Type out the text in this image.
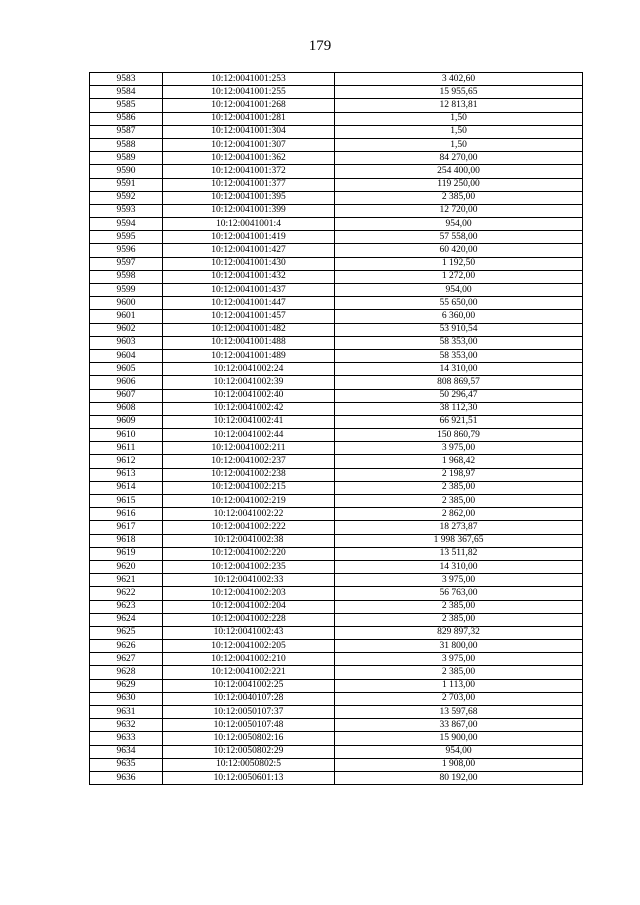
179
9583	10:12:0041001:253	3 402,60
9584	10:12:0041001:255	15 955,65
9585	10:12:0041001:268	12 813,81
9586	10:12:0041001:281	1,50
9587	10:12:0041001:304	1,50
9588	10:12:0041001:307	1,50
9589	10:12:0041001:362	84 270,00
9590	10:12:0041001:372	254 400,00
9591	10:12:0041001:377	119 250,00
9592	10:12:0041001:395	2 385,00
9593	10:12:0041001:399	12 720,00
9594	10:12:0041001:4	954,00
9595	10:12:0041001:419	57 558,00
9596	10:12:0041001:427	60 420,00
9597	10:12:0041001:430	1 192,50
9598	10:12:0041001:432	1 272,00
9599	10:12:0041001:437	954,00
9600	10:12:0041001:447	55 650,00
9601	10:12:0041001:457	6 360,00
9602	10:12:0041001:482	53 910,54
9603	10:12:0041001:488	58 353,00
9604	10:12:0041001:489	58 353,00
9605	10:12:0041002:24	14 310,00
9606	10:12:0041002:39	808 869,57
9607	10:12:0041002:40	50 296,47
9608	10:12:0041002:42	38 112,30
9609	10:12:0041002:41	66 921,51
9610	10:12:0041002:44	150 860,79
9611	10:12:0041002:211	3 975,00
9612	10:12:0041002:237	1 968,42
9613	10:12:0041002:238	2 198,97
9614	10:12:0041002:215	2 385,00
9615	10:12:0041002:219	2 385,00
9616	10:12:0041002:22	2 862,00
9617	10:12:0041002:222	18 273,87
9618	10:12:0041002:38	1 998 367,65
9619	10:12:0041002:220	13 511,82
9620	10:12:0041002:235	14 310,00
9621	10:12:0041002:33	3 975,00
9622	10:12:0041002:203	56 763,00
9623	10:12:0041002:204	2 385,00
9624	10:12:0041002:228	2 385,00
9625	10:12:0041002:43	829 897,32
9626	10:12:0041002:205	31 800,00
9627	10:12:0041002:210	3 975,00
9628	10:12:0041002:221	2 385,00
9629	10:12:0041002:25	1 113,00
9630	10:12:0040107:28	2 703,00
9631	10:12:0050107:37	13 597,68
9632	10:12:0050107:48	33 867,00
9633	10:12:0050802:16	15 900,00
9634	10:12:0050802:29	954,00
9635	10:12:0050802:5	1 908,00
9636	10:12:0050601:13	80 192,00
